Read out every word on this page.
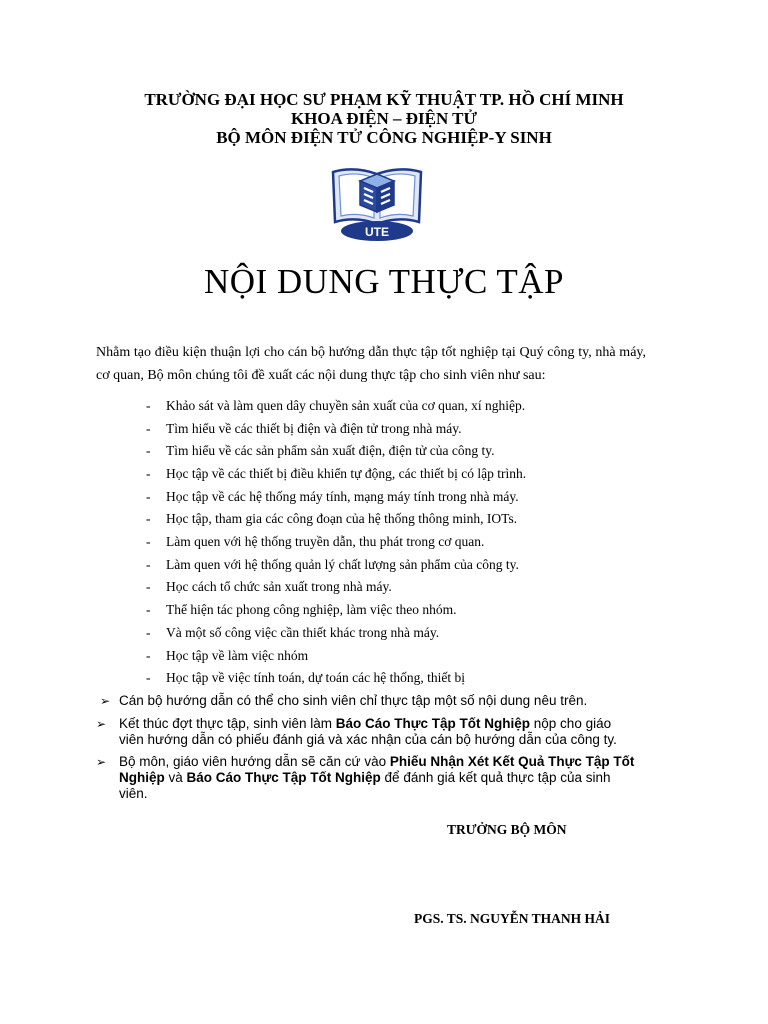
TRƯỜNG ĐẠI HỌC SƯ PHẠM KỸ THUẬT TP. HỒ CHÍ MINH
KHOA ĐIỆN – ĐIỆN TỬ
BỘ MÔN ĐIỆN TỬ CÔNG NGHIỆP-Y SINH
UTE
NỘI DUNG THỰC TẬP
Nhằm tạo điều kiện thuận lợi cho cán bộ hướng dẫn thực tập tốt nghiệp tại Quý công ty, nhà máy, cơ quan, Bộ môn chúng tôi đề xuất các nội dung thực tập cho sinh viên như sau:
- Khảo sát và làm quen dây chuyền sản xuất của cơ quan, xí nghiệp.
- Tìm hiểu về các thiết bị điện và điện tử trong nhà máy.
- Tìm hiểu về các sản phẩm sản xuất điện, điện tử của công ty.
- Học tập về các thiết bị điều khiển tự động, các thiết bị có lập trình.
- Học tập về các hệ thống máy tính, mạng máy tính trong nhà máy.
- Học tập, tham gia các công đoạn của hệ thống thông minh, IOTs.
- Làm quen với hệ thống truyền dẫn, thu phát trong cơ quan.
- Làm quen với hệ thống quản lý chất lượng sản phẩm của công ty.
- Học cách tổ chức sản xuất trong nhà máy.
- Thể hiện tác phong công nghiệp, làm việc theo nhóm.
- Và một số công việc cần thiết khác trong nhà máy.
- Học tập về làm việc nhóm
- Học tập về việc tính toán, dự toán các hệ thống, thiết bị
➢ Cán bộ hướng dẫn có thể cho sinh viên chỉ thực tập một số nội dung nêu trên.
➢ Kết thúc đợt thực tập, sinh viên làm Báo Cáo Thực Tập Tốt Nghiệp nộp cho giáo viên hướng dẫn có phiếu đánh giá và xác nhận của cán bộ hướng dẫn của công ty.
➢ Bộ môn, giáo viên hướng dẫn sẽ căn cứ vào Phiếu Nhận Xét Kết Quả Thực Tập Tốt Nghiệp và Báo Cáo Thực Tập Tốt Nghiệp để đánh giá kết quả thực tập của sinh viên.
TRƯỞNG BỘ MÔN
PGS. TS. NGUYỄN THANH HẢI
